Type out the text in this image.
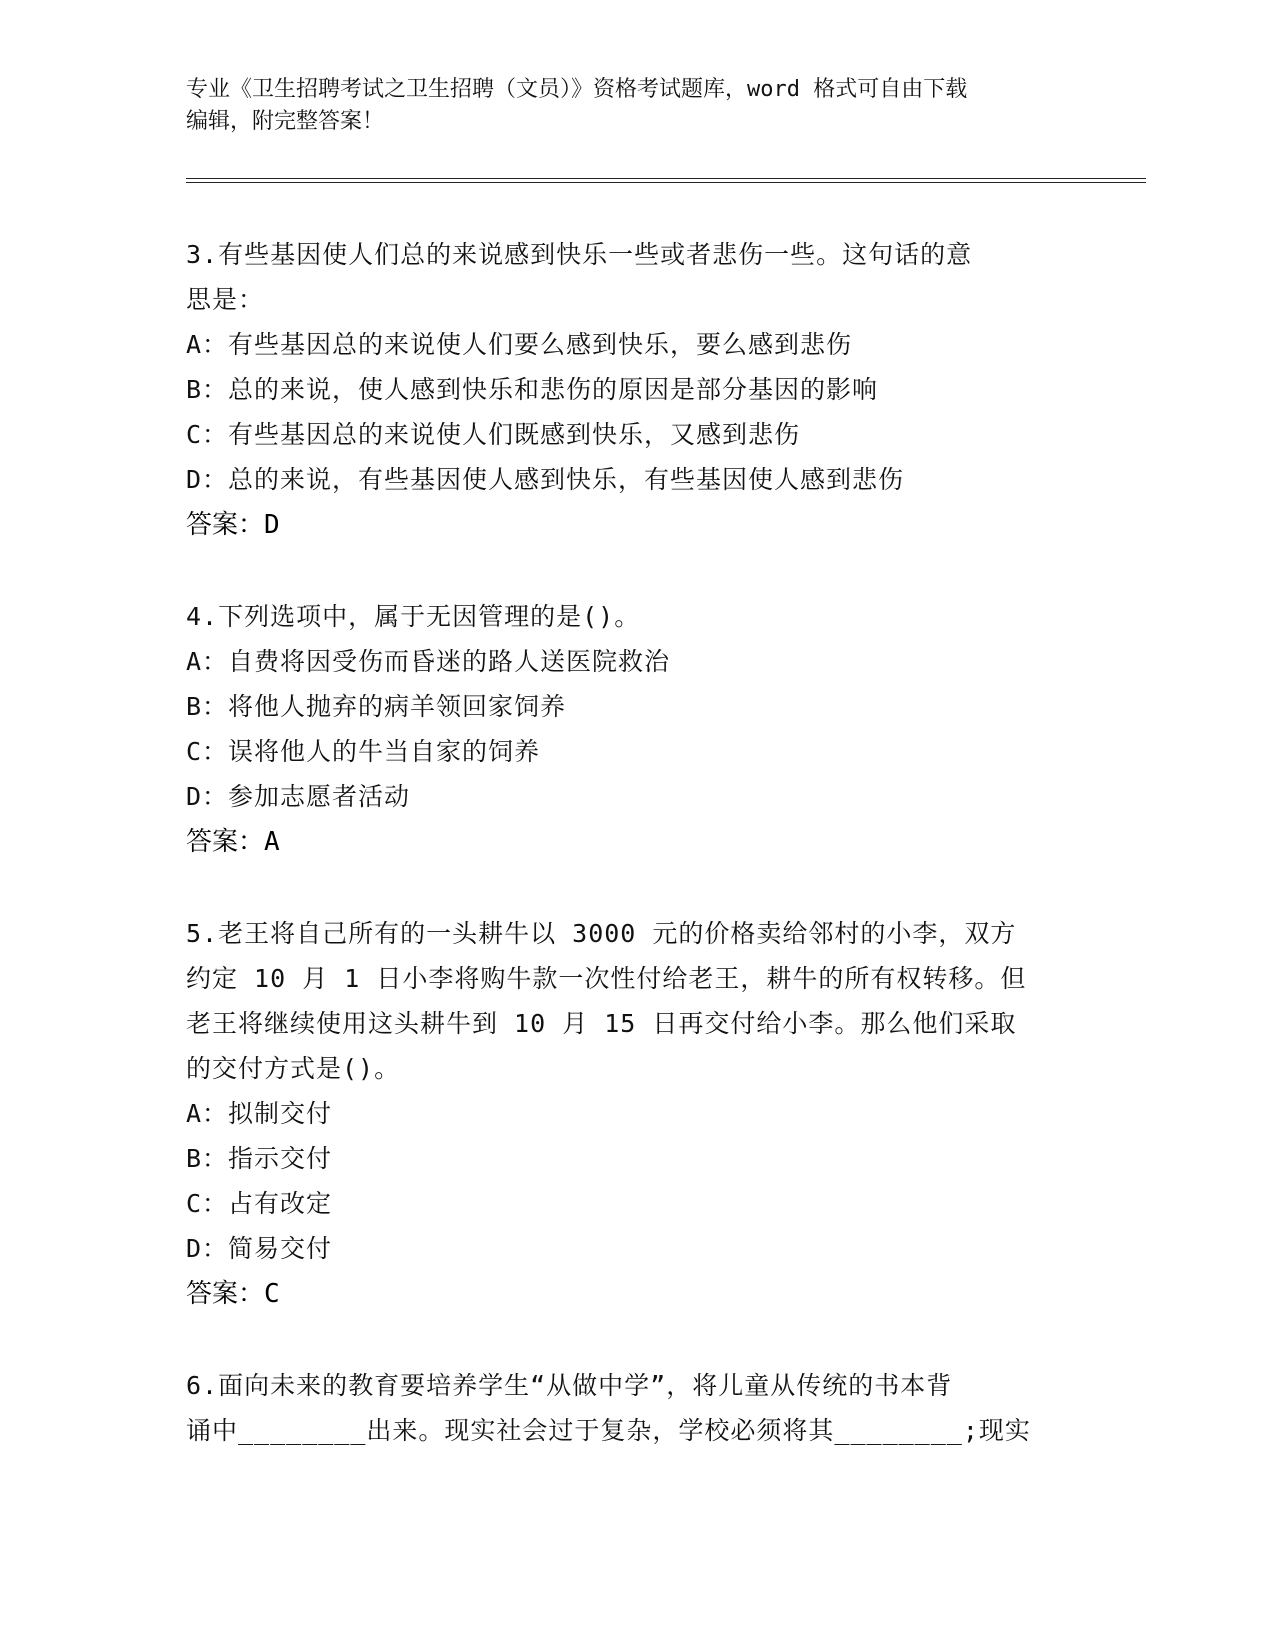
专业《卫生招聘考试之卫生招聘（文员）》资格考试题库，word 格式可自由下载
编辑，附完整答案！

3.有些基因使人们总的来说感到快乐一些或者悲伤一些。这句话的意

思是：

A：有些基因总的来说使人们要么感到快乐，要么感到悲伤

B：总的来说，使人感到快乐和悲伤的原因是部分基因的影响

C：有些基因总的来说使人们既感到快乐，又感到悲伤

D：总的来说，有些基因使人感到快乐，有些基因使人感到悲伤

答案：D

4.下列选项中，属于无因管理的是()。

A：自费将因受伤而昏迷的路人送医院救治

B：将他人抛弃的病羊领回家饲养

C：误将他人的牛当自家的饲养

D：参加志愿者活动

答案：A

5.老王将自己所有的一头耕牛以 3000 元的价格卖给邻村的小李，双方

约定 10 月 1 日小李将购牛款一次性付给老王，耕牛的所有权转移。但

老王将继续使用这头耕牛到 10 月 15 日再交付给小李。那么他们采取

的交付方式是()。

A：拟制交付

B：指示交付

C：占有改定

D：简易交付

答案：C

6.面向未来的教育要培养学生“从做中学”，将儿童从传统的书本背

诵中________出来。现实社会过于复杂，学校必须将其________;现实
